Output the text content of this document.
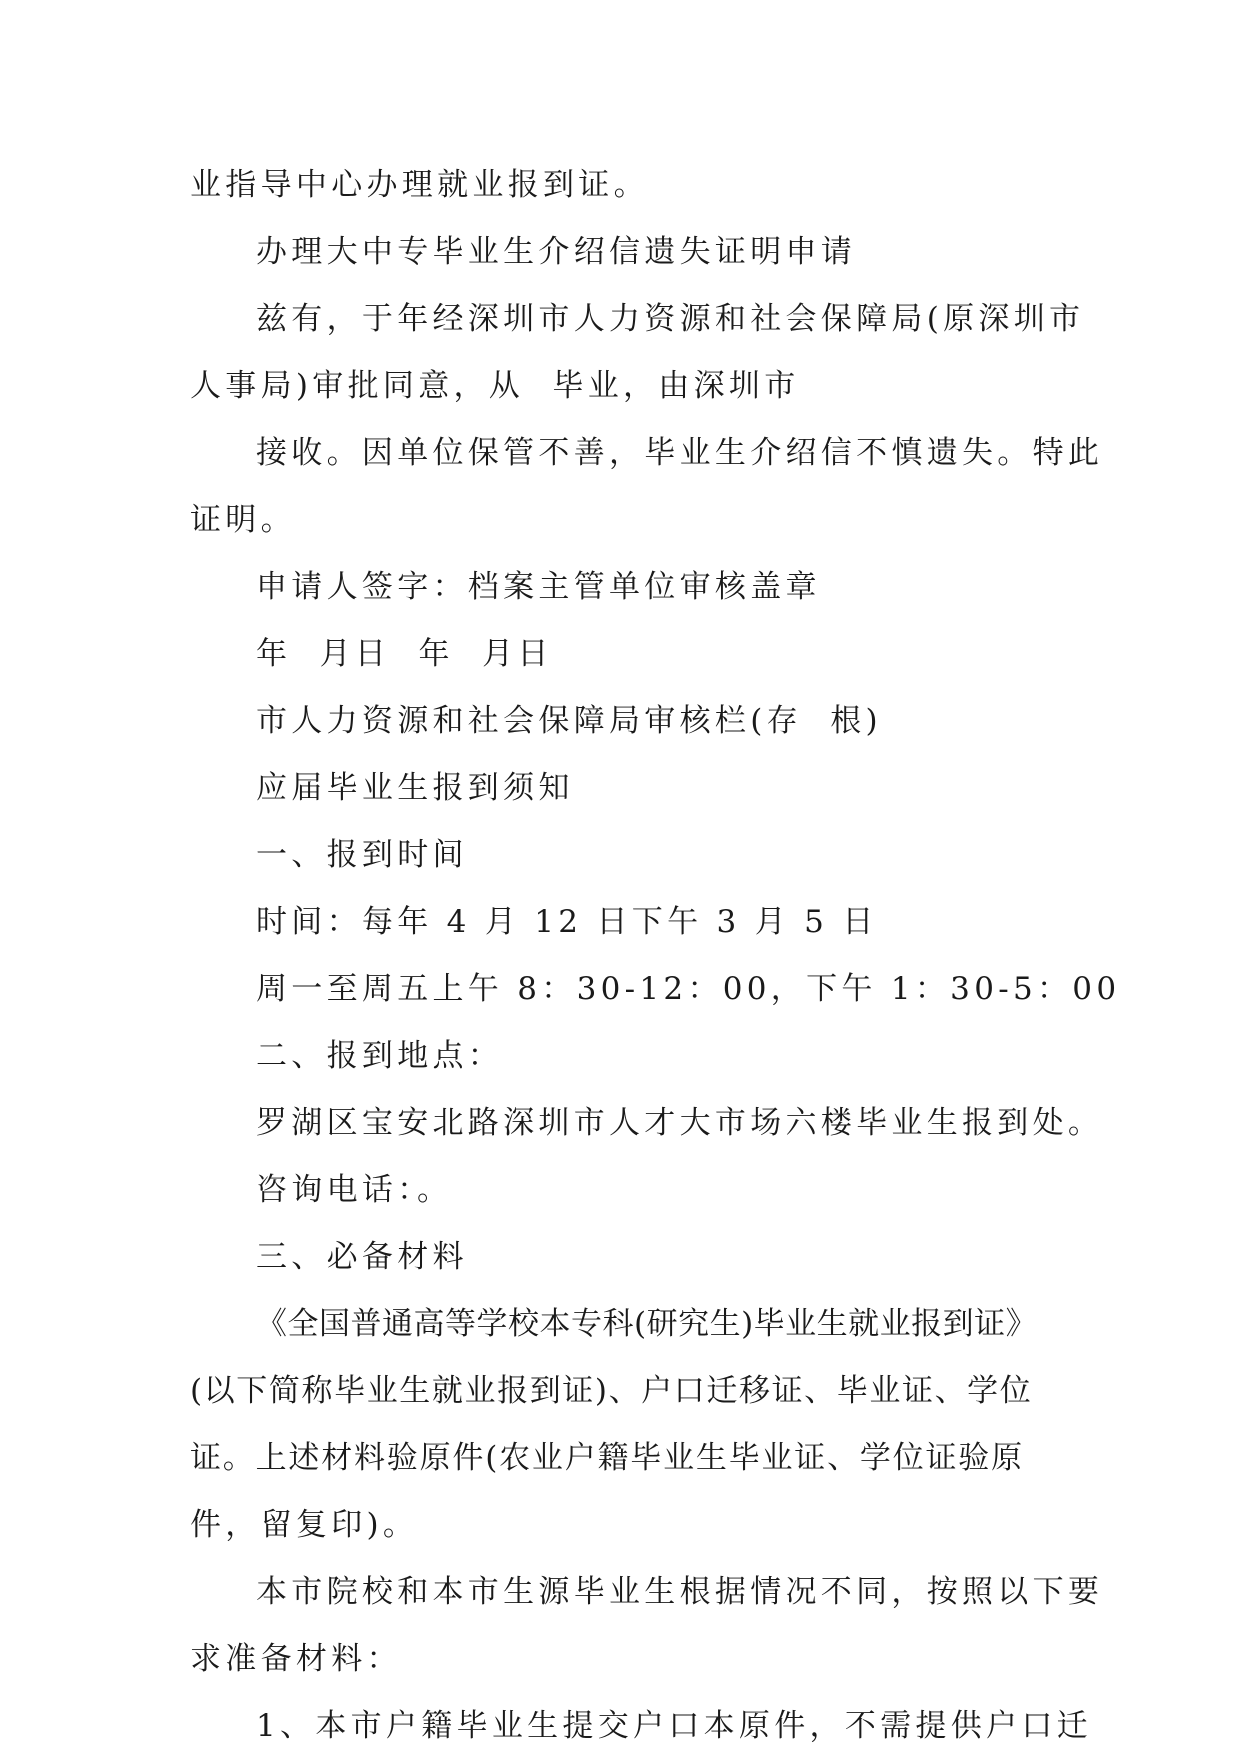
业指导中心办理就业报到证。
办理大中专毕业生介绍信遗失证明申请
兹有，于年经深圳市人力资源和社会保障局(原深圳市
人事局)审批同意，从  毕业，由深圳市
接收。因单位保管不善，毕业生介绍信不慎遗失。特此
证明。
申请人签字：档案主管单位审核盖章
年  月日  年  月日
市人力资源和社会保障局审核栏(存  根)
应届毕业生报到须知
一、报到时间
时间：每年 4 月 12 日下午 3 月 5 日
周一至周五上午 8：30-12：00，下午 1：30-5：00
二、报到地点：
罗湖区宝安北路深圳市人才大市场六楼毕业生报到处。
咨询电话：。
三、必备材料
《全国普通高等学校本专科(研究生)毕业生就业报到证》
(以下简称毕业生就业报到证)、户口迁移证、毕业证、学位
证。上述材料验原件(农业户籍毕业生毕业证、学位证验原
件，留复印)。
本市院校和本市生源毕业生根据情况不同，按照以下要
求准备材料：
1、本市户籍毕业生提交户口本原件，不需提供户口迁
